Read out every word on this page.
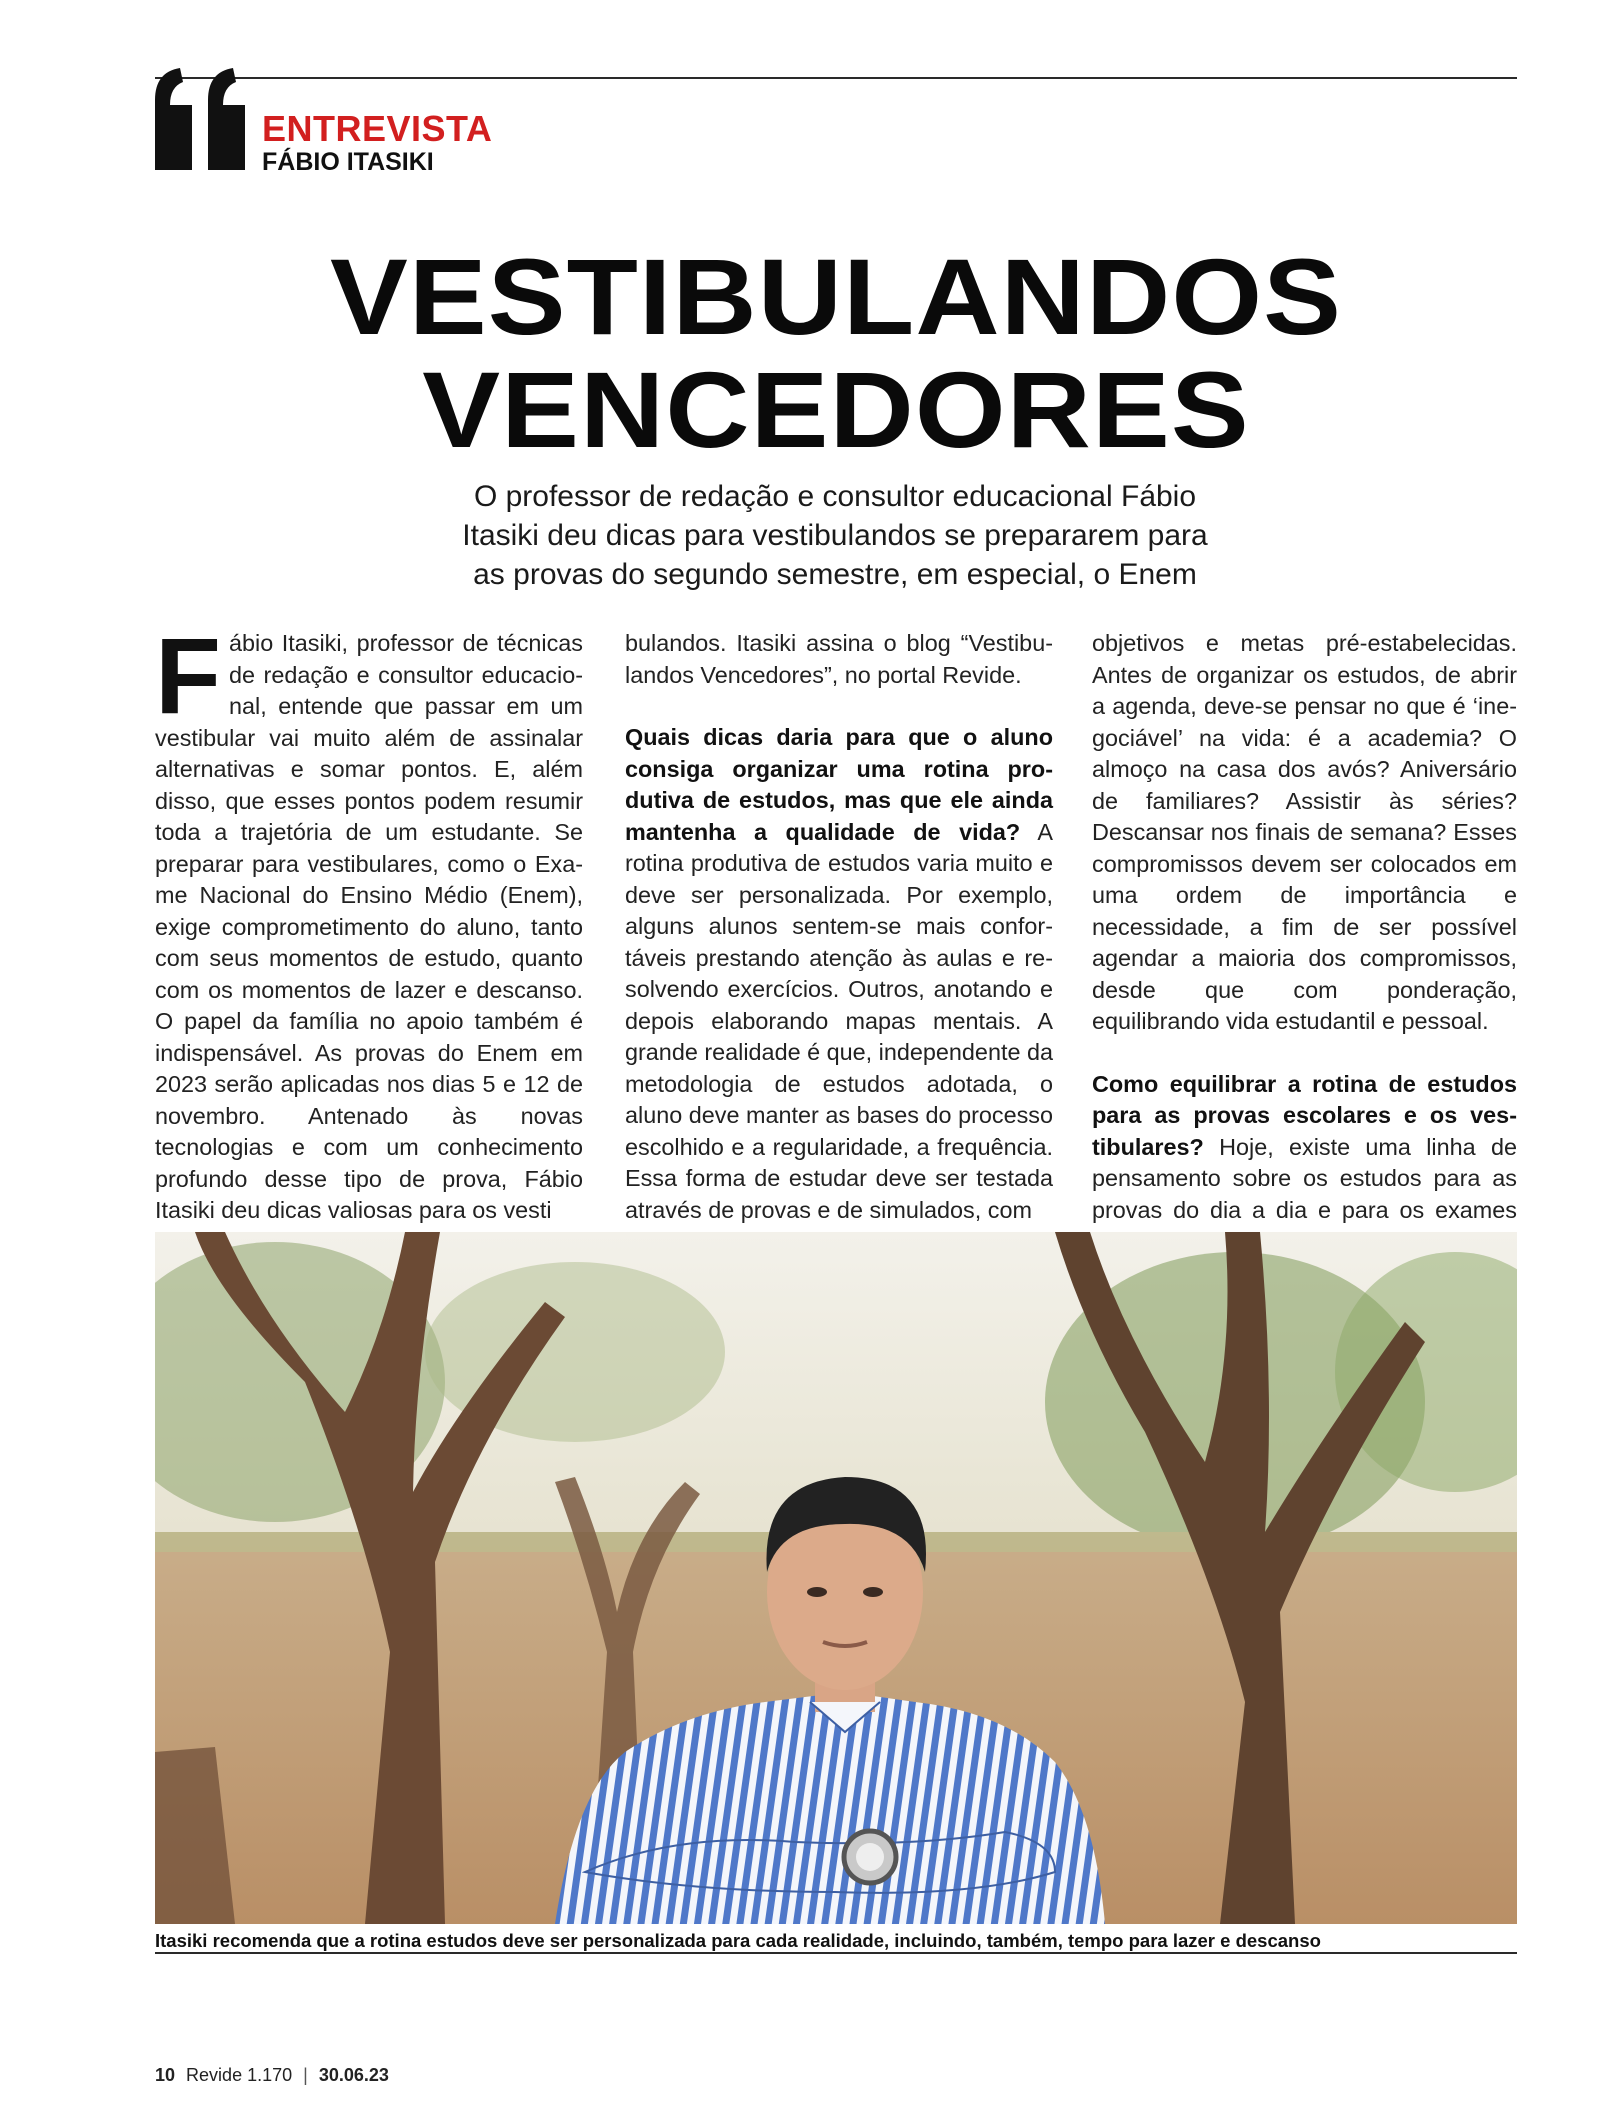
ENTREVISTA
FÁBIO ITASIKI
VESTIBULANDOS
VENCEDORES
O professor de redação e consultor educacional Fábio
Itasiki deu dicas para vestibulandos se prepararem para
as provas do segundo semestre, em especial, o Enem

Fábio Itasiki, professor de técnicas de redação e consultor educacional, entende que passar em um vestibular vai muito além de assinalar alternativas e somar pontos. E, além disso, que esses pontos podem resumir toda a trajetória de um estudante. Se preparar para vestibulares, como o Exame Nacional do Ensino Médio (Enem), exige comprometimento do aluno, tanto com seus momentos de estudo, quanto com os momentos de lazer e descanso. O papel da família no apoio também é indispensável. As provas do Enem em 2023 serão aplicadas nos dias 5 e 12 de novembro. Antenado às novas tecnologias e com um conhecimento profundo desse tipo de prova, Fábio Itasiki deu dicas valiosas para os vesti

bulandos. Itasiki assina o blog “Vestibulandos Vencedores”, no portal Revide.

Quais dicas daria para que o aluno consiga organizar uma rotina produtiva de estudos, mas que ele ainda mantenha a qualidade de vida? A rotina produtiva de estudos varia muito e deve ser personalizada. Por exemplo, alguns alunos sentem-se mais confortáveis prestando atenção às aulas e resolvendo exercícios. Outros, anotando e depois elaborando mapas mentais. A grande realidade é que, independente da metodologia de estudos adotada, o aluno deve manter as bases do processo escolhido e a regularidade, a frequência. Essa forma de estudar deve ser testada através de provas e de simulados, com

objetivos e metas pré-estabelecidas. Antes de organizar os estudos, de abrir a agenda, deve-se pensar no que é ‘inegociável’ na vida: é a academia? O almoço na casa dos avós? Aniversário de familiares? Assistir às séries? Descansar nos finais de semana? Esses compromissos devem ser colocados em uma ordem de importância e necessidade, a fim de ser possível agendar a maioria dos compromissos, desde que com ponderação, equilibrando vida estudantil e pessoal.

Como equilibrar a rotina de estudos para as provas escolares e os vestibulares? Hoje, existe uma linha de pensamento sobre os estudos para as provas do dia a dia e para os exames

Itasiki recomenda que a rotina estudos deve ser personalizada para cada realidade, incluindo, também, tempo para lazer e descanso
10 Revide 1.170 | 30.06.23
